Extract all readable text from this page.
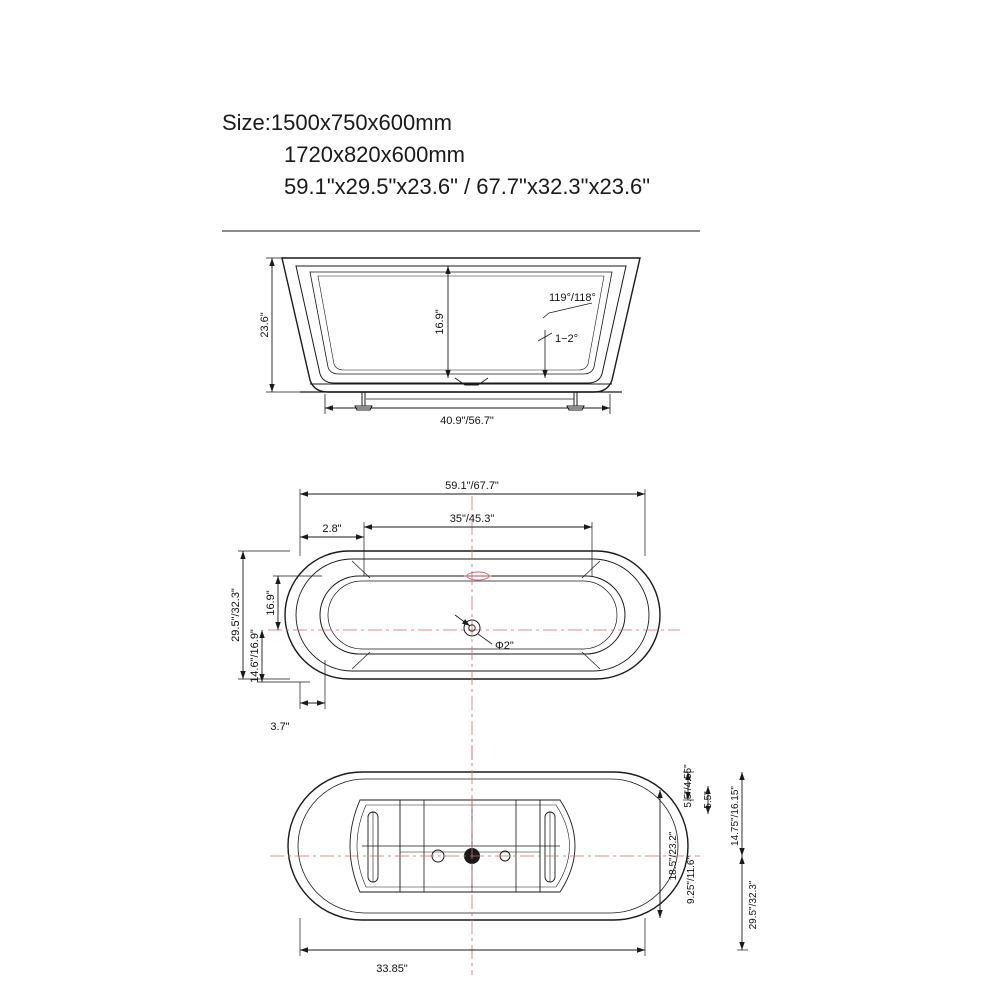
Size:1500x750x600mm

1720x820x600mm

59.1"x29.5"x23.6" / 67.7"x32.3"x23.6"

23.6"	16.9"
119°/118°
1−2°
40.9"/56.7"
Φ2"
59.1"/67.7"
35"/45.3"
2.8"
29.5"/32.3" 16.9"
14.6"/16.9"
3.7"
33.85"
5.5"/4.55" 5.5" 14.75"/16.15"
29.5"/32.3"
18.5"/23.2" 9.25"/11.6"
